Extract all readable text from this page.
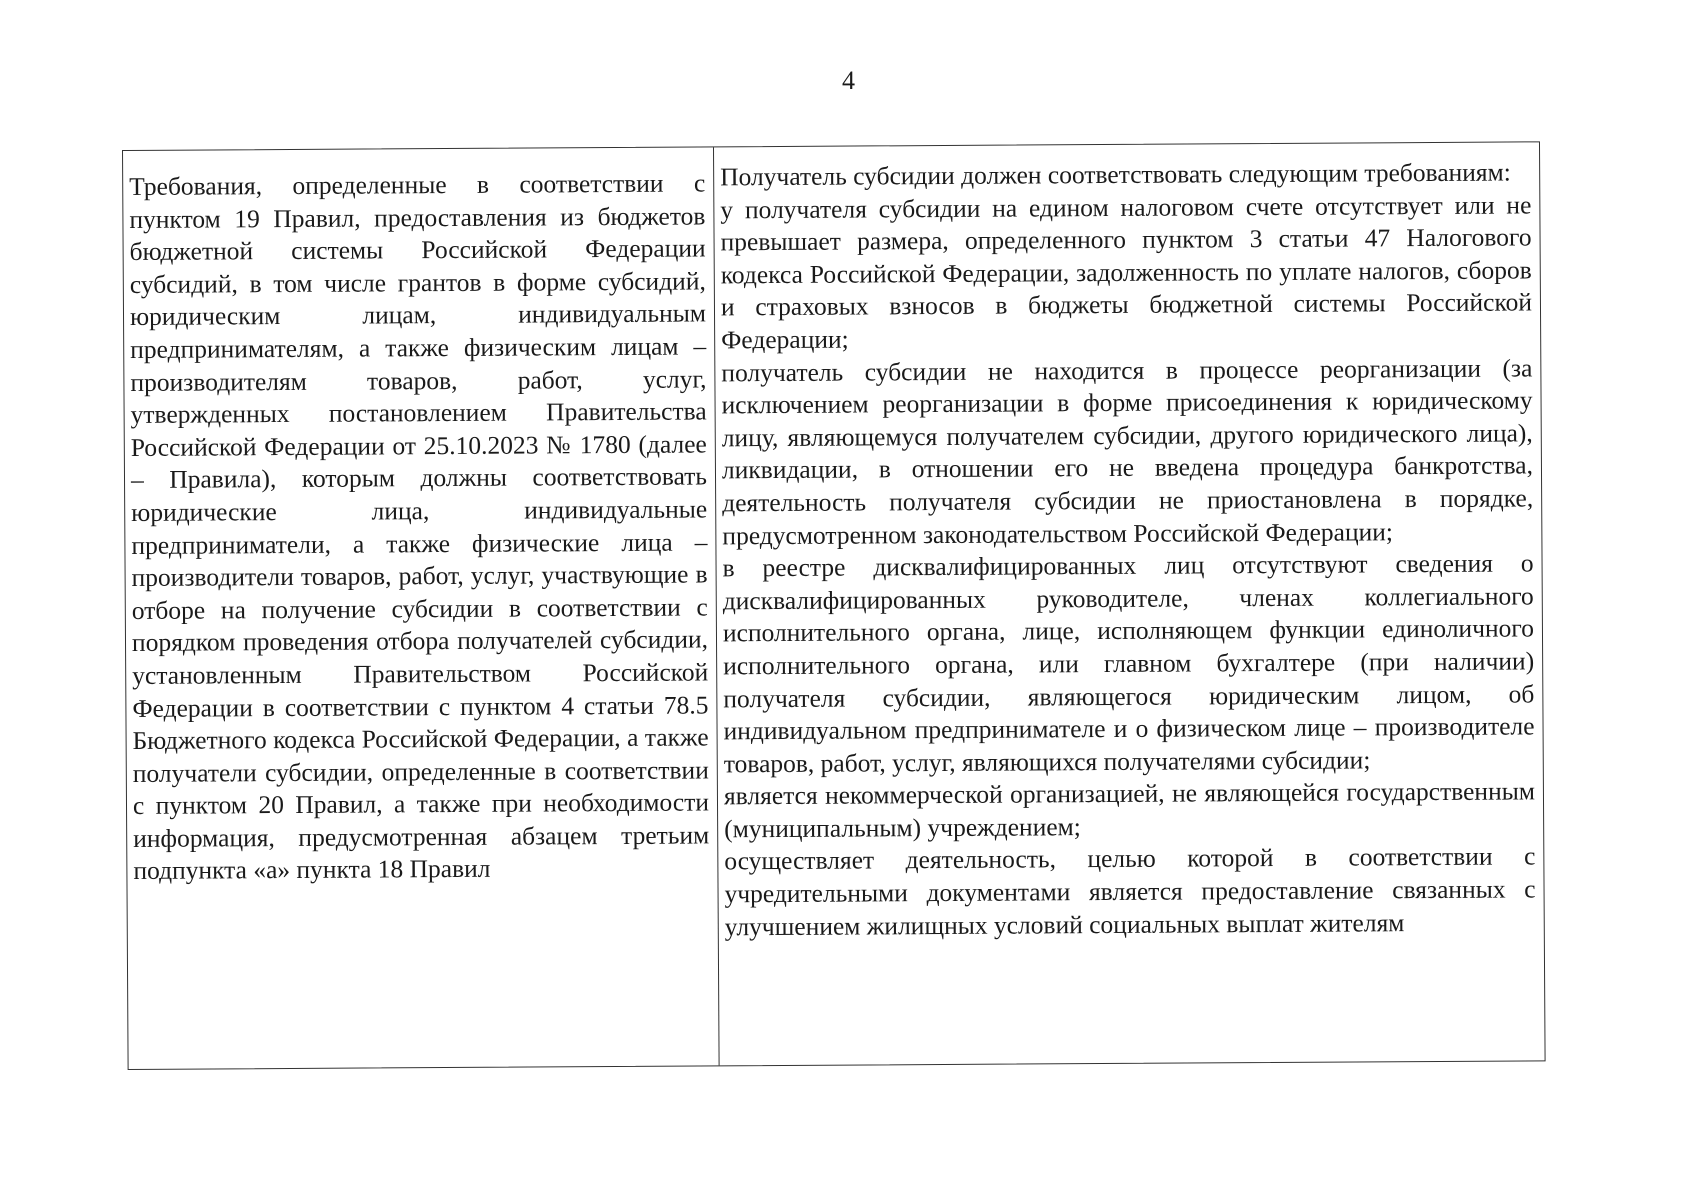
4

Требования, определенные в соответствии с пунктом 19 Правил, предоставления из бюджетов бюджетной системы Российской Федерации субсидий, в том числе грантов в форме субсидий, юридическим лицам, индивидуальным предпринимателям, а также физическим лицам – производителям товаров, работ, услуг, утвержденных постановлением Правительства Российской Федерации от 25.10.2023 № 1780 (далее – Правила), которым должны соответствовать юридические лица, индивидуальные предприниматели, а также физические лица – производители товаров, работ, услуг, участвующие в отборе на получение субсидии в соответствии с порядком проведения отбора получателей субсидии, установленным Правительством Российской Федерации в соответствии с пунктом 4 статьи 78.5 Бюджетного кодекса Российской Федерации, а также получатели субсидии, определенные в соответствии с пунктом 20 Правил, а также при необходимости информация, предусмотренная абзацем третьим подпункта «а» пункта 18 Правил

Получатель субсидии должен соответствовать следующим требованиям:
у получателя субсидии на едином налоговом счете отсутствует или не превышает размера, определенного пунктом 3 статьи 47 Налогового кодекса Российской Федерации, задолженность по уплате налогов, сборов и страховых взносов в бюджеты бюджетной системы Российской Федерации;
получатель субсидии не находится в процессе реорганизации (за исключением реорганизации в форме присоединения к юридическому лицу, являющемуся получателем субсидии, другого юридического лица), ликвидации, в отношении его не введена процедура банкротства, деятельность получателя субсидии не приостановлена в порядке, предусмотренном законодательством Российской Федерации;
в реестре дисквалифицированных лиц отсутствуют сведения о дисквалифицированных руководителе, членах коллегиального исполнительного органа, лице, исполняющем функции единоличного исполнительного органа, или главном бухгалтере (при наличии) получателя субсидии, являющегося юридическим лицом, об индивидуальном предпринимателе и о физическом лице – производителе товаров, работ, услуг, являющихся получателями субсидии;
является некоммерческой организацией, не являющейся государственным (муниципальным) учреждением;
осуществляет деятельность, целью которой в соответствии с учредительными документами является предоставление связанных с улучшением жилищных условий социальных выплат жителям
